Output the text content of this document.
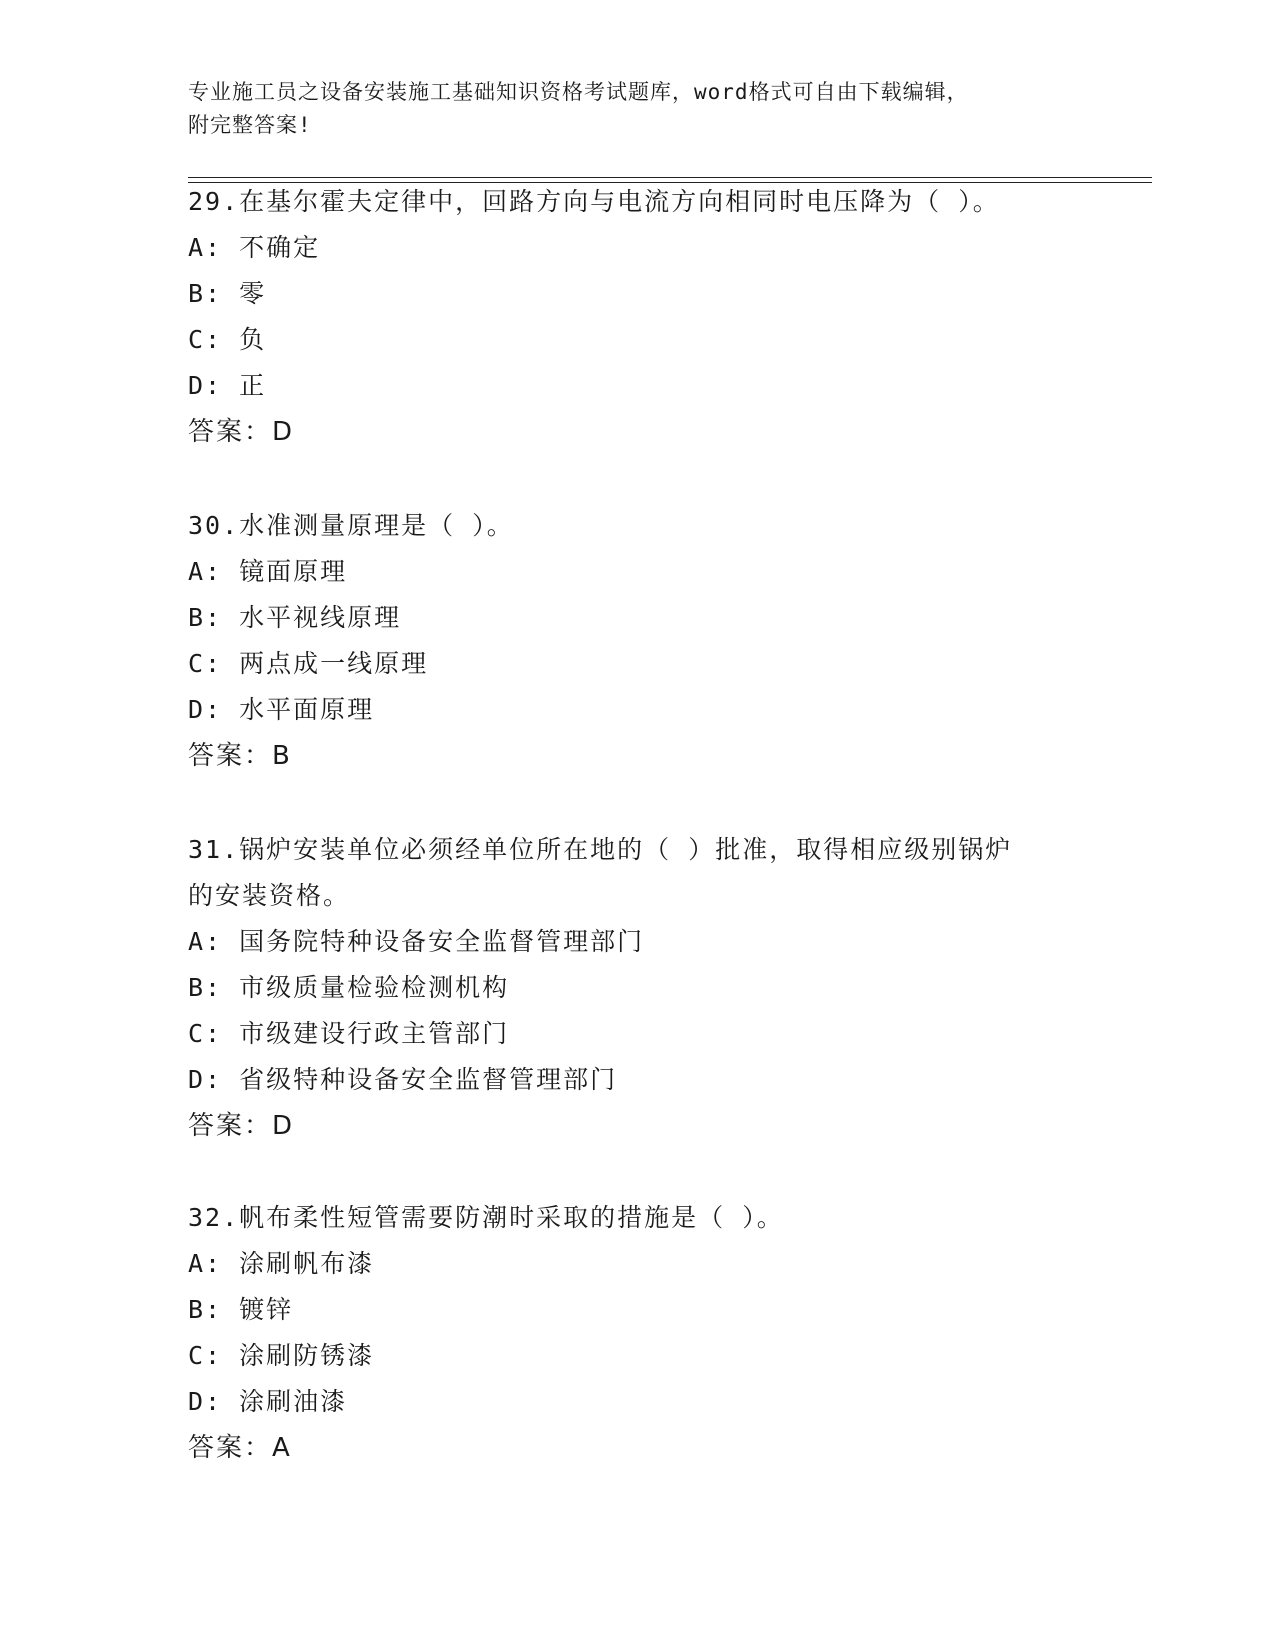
专业施工员之设备安装施工基础知识资格考试题库，word格式可自由下载编辑，
附完整答案!
29.在基尔霍夫定律中，回路方向与电流方向相同时电压降为（ ）。
A: 不确定
B: 零
C: 负
D: 正
答案：D
30.水准测量原理是（ ）。
A: 镜面原理
B: 水平视线原理
C: 两点成一线原理
D: 水平面原理
答案：B
31.锅炉安装单位必须经单位所在地的（ ）批准，取得相应级别锅炉
的安装资格。
A: 国务院特种设备安全监督管理部门
B: 市级质量检验检测机构
C: 市级建设行政主管部门
D: 省级特种设备安全监督管理部门
答案：D
32.帆布柔性短管需要防潮时采取的措施是（ ）。
A: 涂刷帆布漆
B: 镀锌
C: 涂刷防锈漆
D: 涂刷油漆
答案：A
